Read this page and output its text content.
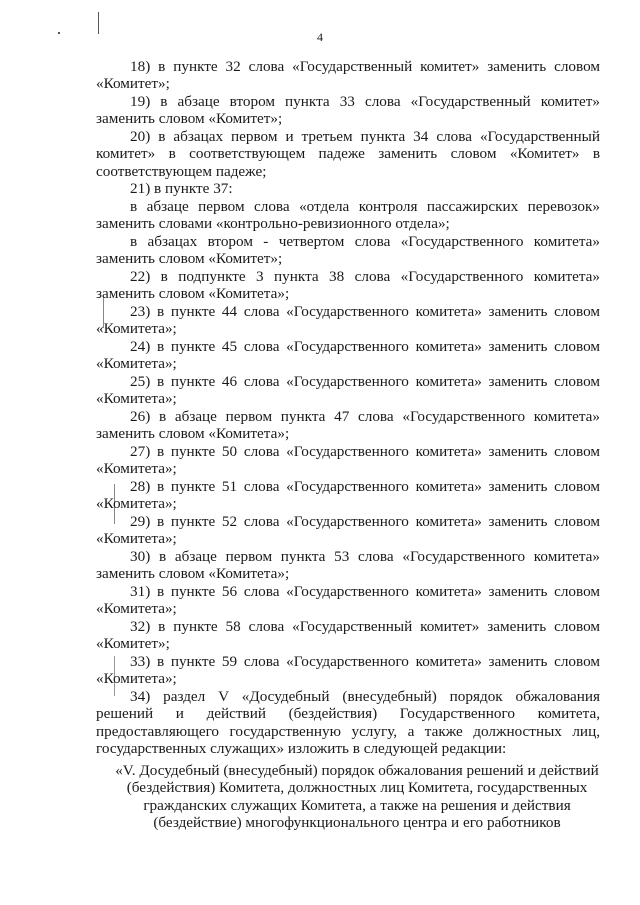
4

18) в пункте 32 слова «Государственный комитет» заменить словом «Комитет»;

19) в абзаце втором пункта 33 слова «Государственный комитет» заменить словом «Комитет»;

20) в абзацах первом и третьем пункта 34 слова «Государственный комитет» в соответствующем падеже заменить словом «Комитет» в соответствующем падеже;

21) в пункте 37:

в абзаце первом слова «отдела контроля пассажирских перевозок» заменить словами «контрольно-ревизионного отдела»;

в абзацах втором - четвертом слова «Государственного комитета» заменить словом «Комитет»;

22) в подпункте 3 пункта 38 слова «Государственного комитета» заменить словом «Комитета»;

23) в пункте 44 слова «Государственного комитета» заменить словом «Комитета»;

24) в пункте 45 слова «Государственного комитета» заменить словом «Комитета»;

25) в пункте 46 слова «Государственного комитета» заменить словом «Комитета»;

26) в абзаце первом пункта 47 слова «Государственного комитета» заменить словом «Комитета»;

27) в пункте 50 слова «Государственного комитета» заменить словом «Комитета»;

28) в пункте 51 слова «Государственного комитета» заменить словом «Комитета»;

29) в пункте 52 слова «Государственного комитета» заменить словом «Комитета»;

30) в абзаце первом пункта 53 слова «Государственного комитета» заменить словом «Комитета»;

31) в пункте 56 слова «Государственного комитета» заменить словом «Комитета»;

32) в пункте 58 слова «Государственный комитет» заменить словом «Комитет»;

33) в пункте 59 слова «Государственного комитета» заменить словом «Комитета»;

34) раздел V «Досудебный (внесудебный) порядок обжалования решений и действий (бездействия) Государственного комитета, предоставляющего государственную услугу, а также должностных лиц, государственных служащих» изложить в следующей редакции:

«V. Досудебный (внесудебный) порядок обжалования решений и действий (бездействия) Комитета, должностных лиц Комитета, государственных гражданских служащих Комитета, а также на решения и действия (бездействие) многофункционального центра и его работников
